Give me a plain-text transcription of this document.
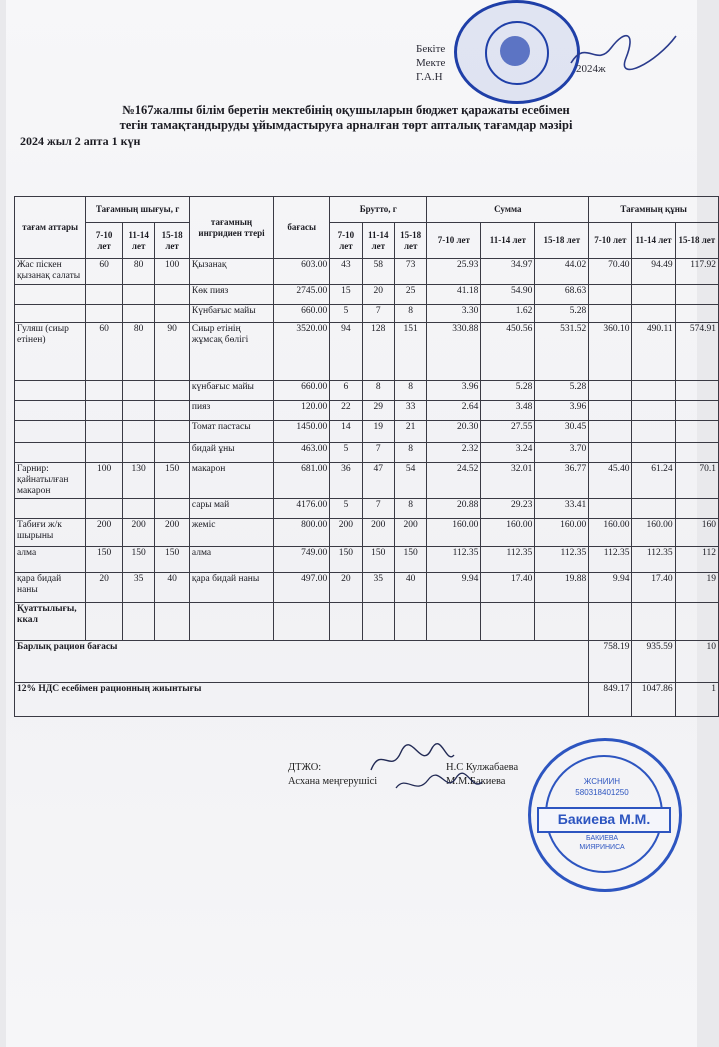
Бекіте
Мекте
Г.А.Н
2024ж
№167жалпы білім беретін мектебінің оқушыларын бюджет қаражаты есебімен
тегін тамақтандыруды ұйымдастыруға арналған төрт апталық тағамдар мәзірі
2024 жыл 2 апта 1 күн
тағам аттары	Тағамның шығуы, г			тағамның ингридиен ттері	бағасы	Брутто, г			Сумма			Тағамның құны		
	7-10 лет	11-14 лет	15-18 лет			7-10 лет	11-14 лет	15-18 лет	7-10 лет	11-14 лет	15-18 лет	7-10 лет	11-14 лет	15-18 лет
Жас піскен қызанақ салаты	60	80	100	Қызанақ	603.00	43	58	73	25.93	34.97	44.02	70.40	94.49	117.92
				Көк пияз	2745.00	15	20	25	41.18	54.90	68.63			
				Күнбағыс майы	660.00	5	7	8	3.30	1.62	5.28			
Гуляш (сиыр етінен)	60	80	90	Сиыр етінің жұмсақ бөлігі	3520.00	94	128	151	330.88	450.56	531.52	360.10	490.11	574.91
				күнбағыс майы	660.00	6	8	8	3.96	5.28	5.28			
				пияз	120.00	22	29	33	2.64	3.48	3.96			
				Томат пастасы	1450.00	14	19	21	20.30	27.55	30.45			
				бидай ұны	463.00	5	7	8	2.32	3.24	3.70			
Гарнир: қайнатылған макарон	100	130	150	макарон	681.00	36	47	54	24.52	32.01	36.77	45.40	61.24	70.1
				сары май	4176.00	5	7	8	20.88	29.23	33.41			
Табиғи ж/к шырыны	200	200	200	жеміс	800.00	200	200	200	160.00	160.00	160.00	160.00	160.00	160
алма	150	150	150	алма	749.00	150	150	150	112.35	112.35	112.35	112.35	112.35	112
қара бидай наны	20	35	40	қара бидай наны	497.00	20	35	40	9.94	17.40	19.88	9.94	17.40	19
Қуаттылығы, ккал														
Барлық рацион бағасы												758.19	935.59	10
12% НДС есебімен рационның жиынтығы												849.17	1047.86	1
ДТЖО:	Н.С Кулжабаева
Асхана меңгерушісі	М.М.Бакиева	ЖСНИИН
580318401250
Бакиева М.М.
БАКИЕВА
МИЯРИНИСА
